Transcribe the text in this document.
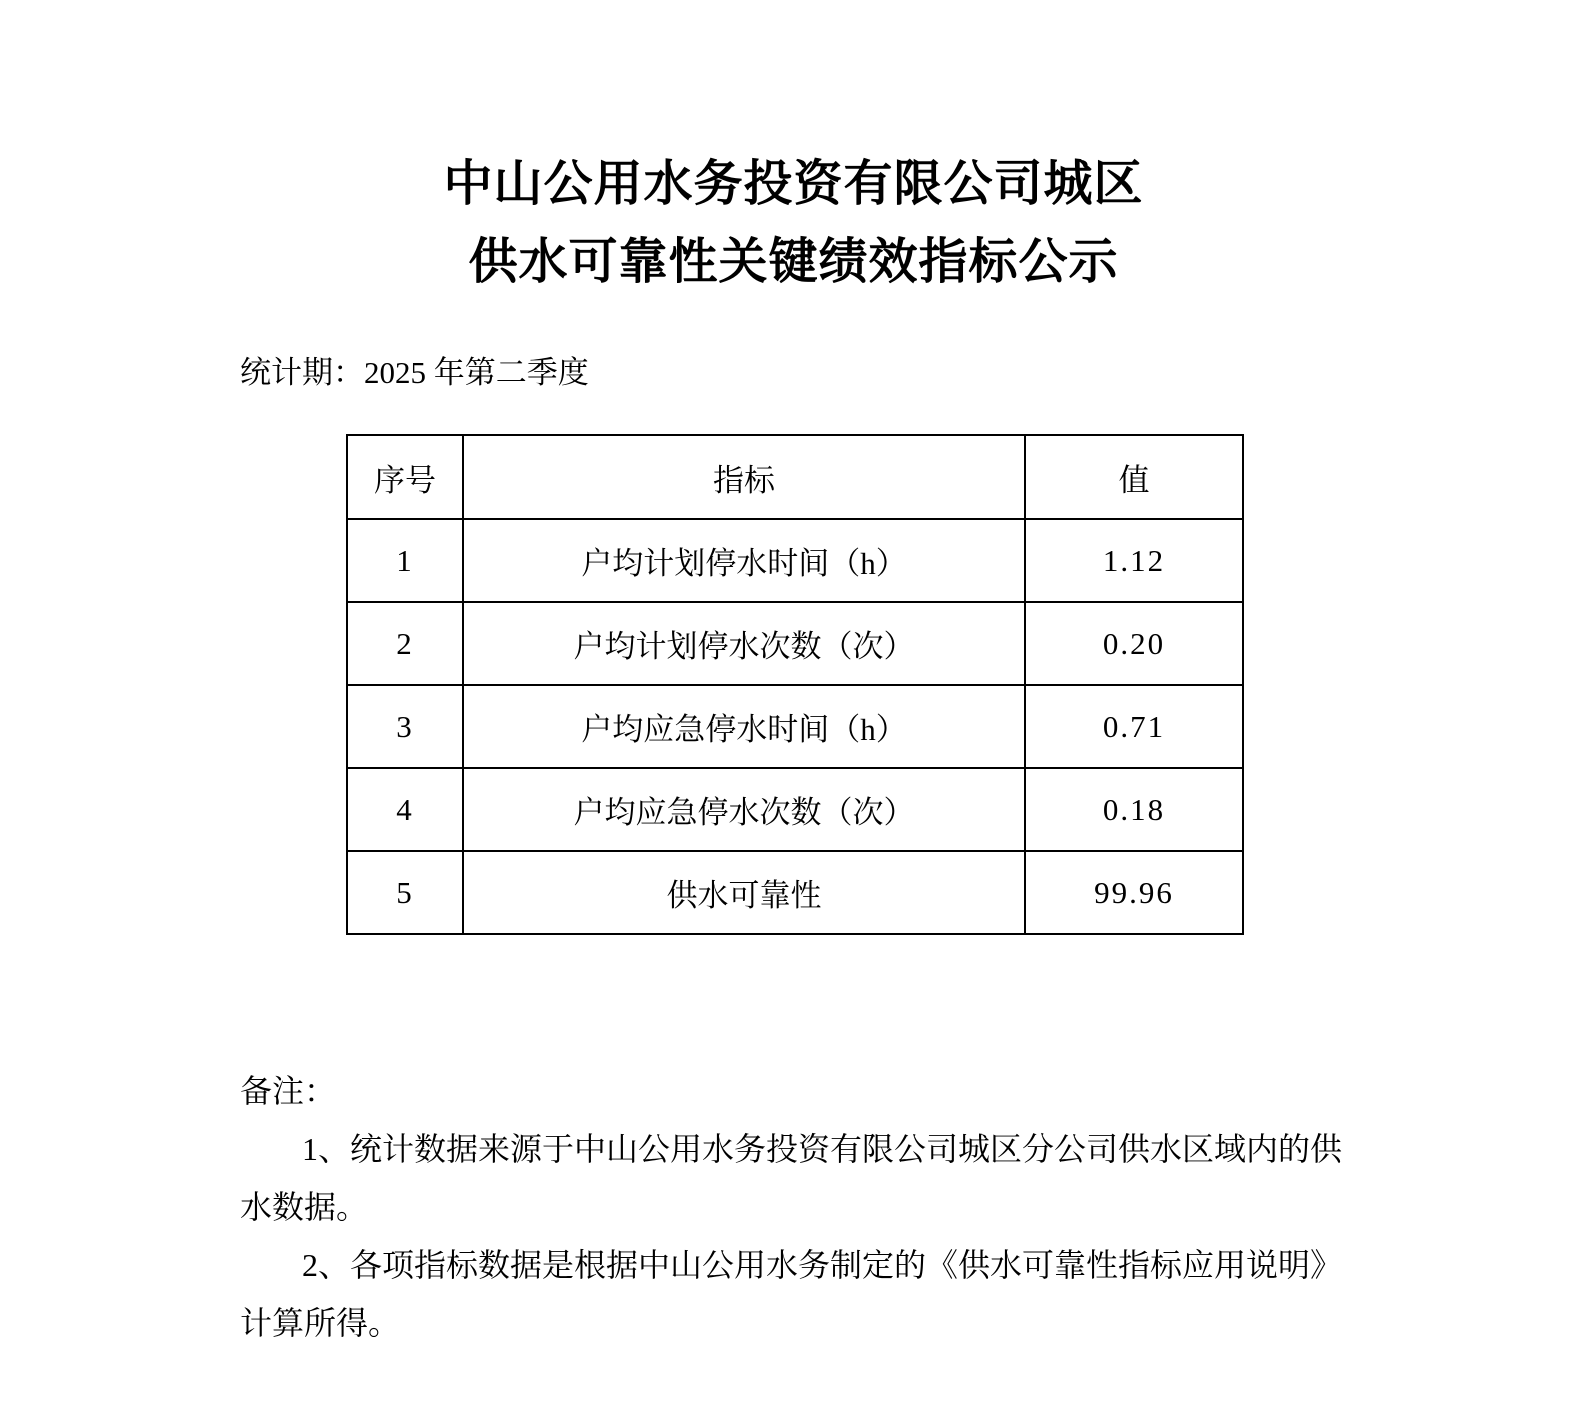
中山公用水务投资有限公司城区
供水可靠性关键绩效指标公示
统计期：2025 年第二季度
序号	指标	值
1	户均计划停水时间（h）	1.12
2	户均计划停水次数（次）	0.20
3	户均应急停水时间（h）	0.71
4	户均应急停水次数（次）	0.18
5	供水可靠性	99.96
备注：
1、统计数据来源于中山公用水务投资有限公司城区分公司供水区域内的供
水数据。
2、各项指标数据是根据中山公用水务制定的《供水可靠性指标应用说明》
计算所得。
